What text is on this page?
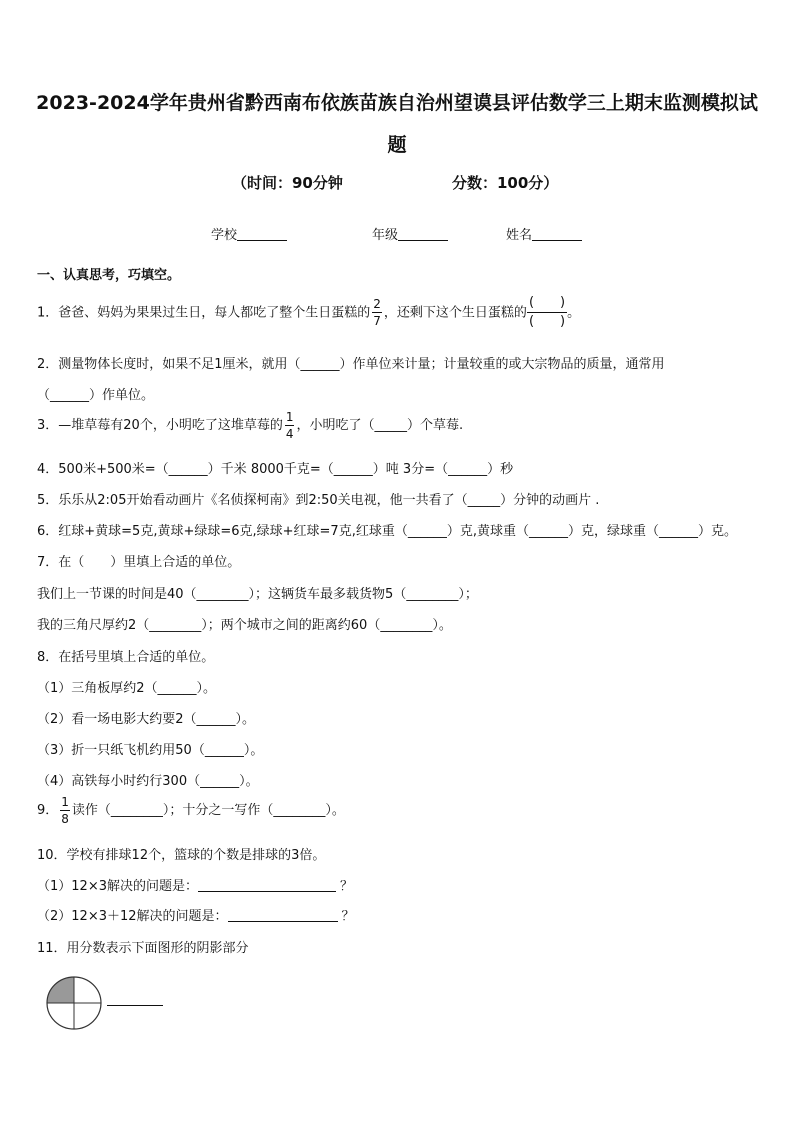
2023-2024学年贵州省黔西南布依族苗族自治州望谟县评估数学三上期末监测模拟试
题
（时间：90分钟	分数：100分）
学校	年级	姓名
一、认真思考，巧填空。
1．爸爸、妈妈为果果过生日，每人都吃了整个生日蛋糕的 $\frac{2}{7}$ ，还剩下这个生日蛋糕的
(　　)
(　　)
。
2．测量物体长度时，如果不足1厘米，就用（______）作单位来计量；计量较重的或大宗物品的质量，通常用
（______）作单位。
3．—堆草莓有20个，小明吃了这堆草莓的 $\frac{1}{4}$ ，小明吃了（_____）个草莓.
4．500米+500米=（______）千米 8000千克=（______）吨 3分=（______）秒
5．乐乐从2:05开始看动画片《名侦探柯南》到2:50关电视，他一共看了（_____）分钟的动画片 .
6．红球+黄球=5克,黄球+绿球=6克,绿球+红球=7克,红球重（______）克,黄球重（______）克，绿球重（______）克。
7．在（　　）里填上合适的单位。
我们上一节课的时间是40（________）；这辆货车最多载货物5（________）；
我的三角尺厚约2（________）；两个城市之间的距离约60（________）。
8．在括号里填上合适的单位。
（1）三角板厚约2（______）。
（2）看一场电影大约要2（______）。
（3）折一只纸飞机约用50（______）。
（4）高铁每小时约行300（______）。
9． $\frac{1}{8}$ 读作（________）；十分之一写作（________）。
10．学校有排球12个，篮球的个数是排球的3倍。
（1）12×3解决的问题是：	？
（2）12×3＋12解决的问题是：	？
11．用分数表示下面图形的阴影部分
